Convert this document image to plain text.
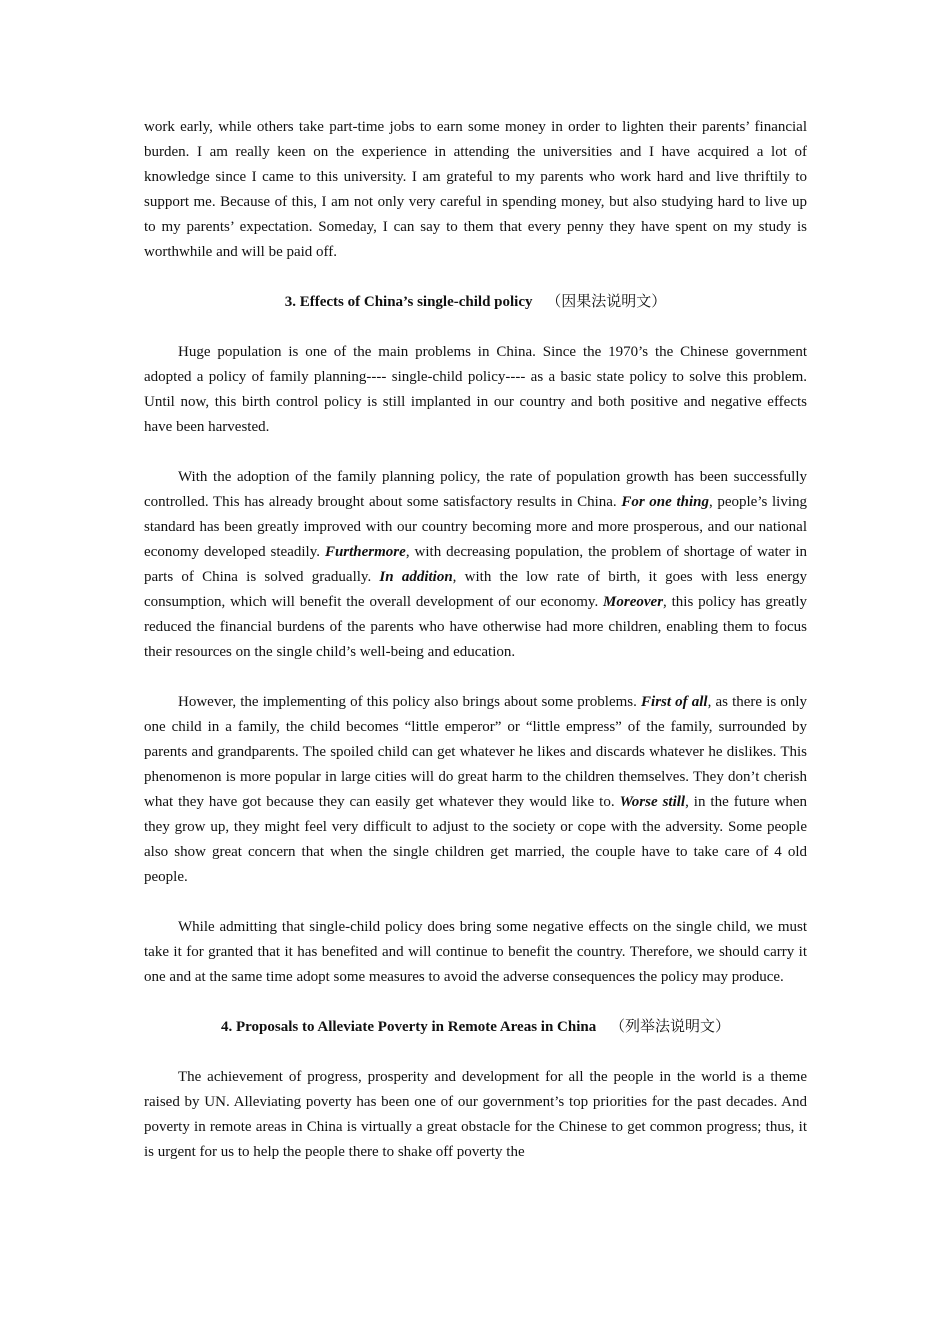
work early, while others take part-time jobs to earn some money in order to lighten their parents’ financial burden. I am really keen on the experience in attending the universities and I have acquired a lot of knowledge since I came to this university. I am grateful to my parents who work hard and live thriftily to support me. Because of this, I am not only very careful in spending money, but also studying hard to live up to my parents’ expectation. Someday, I can say to them that every penny they have spent on my study is worthwhile and will be paid off.

3. Effects of China’s single-child policy （因果法说明文）

Huge population is one of the main problems in China. Since the 1970’s the Chinese government adopted a policy of family planning---- single-child policy---- as a basic state policy to solve this problem. Until now, this birth control policy is still implanted in our country and both positive and negative effects have been harvested.

With the adoption of the family planning policy, the rate of population growth has been successfully controlled. This has already brought about some satisfactory results in China. For one thing, people’s living standard has been greatly improved with our country becoming more and more prosperous, and our national economy developed steadily. Furthermore, with decreasing population, the problem of shortage of water in parts of China is solved gradually. In addition, with the low rate of birth, it goes with less energy consumption, which will benefit the overall development of our economy. Moreover, this policy has greatly reduced the financial burdens of the parents who have otherwise had more children, enabling them to focus their resources on the single child’s well-being and education.

However, the implementing of this policy also brings about some problems. First of all, as there is only one child in a family, the child becomes “little emperor” or “little empress” of the family, surrounded by parents and grandparents. The spoiled child can get whatever he likes and discards whatever he dislikes. This phenomenon is more popular in large cities will do great harm to the children themselves. They don’t cherish what they have got because they can easily get whatever they would like to. Worse still, in the future when they grow up, they might feel very difficult to adjust to the society or cope with the adversity. Some people also show great concern that when the single children get married, the couple have to take care of 4 old people.

While admitting that single-child policy does bring some negative effects on the single child, we must take it for granted that it has benefited and will continue to benefit the country. Therefore, we should carry it one and at the same time adopt some measures to avoid the adverse consequences the policy may produce.

4. Proposals to Alleviate Poverty in Remote Areas in China （列举法说明文）

The achievement of progress, prosperity and development for all the people in the world is a theme raised by UN. Alleviating poverty has been one of our government’s top priorities for the past decades. And poverty in remote areas in China is virtually a great obstacle for the Chinese to get common progress; thus, it is urgent for us to help the people there to shake off poverty the
